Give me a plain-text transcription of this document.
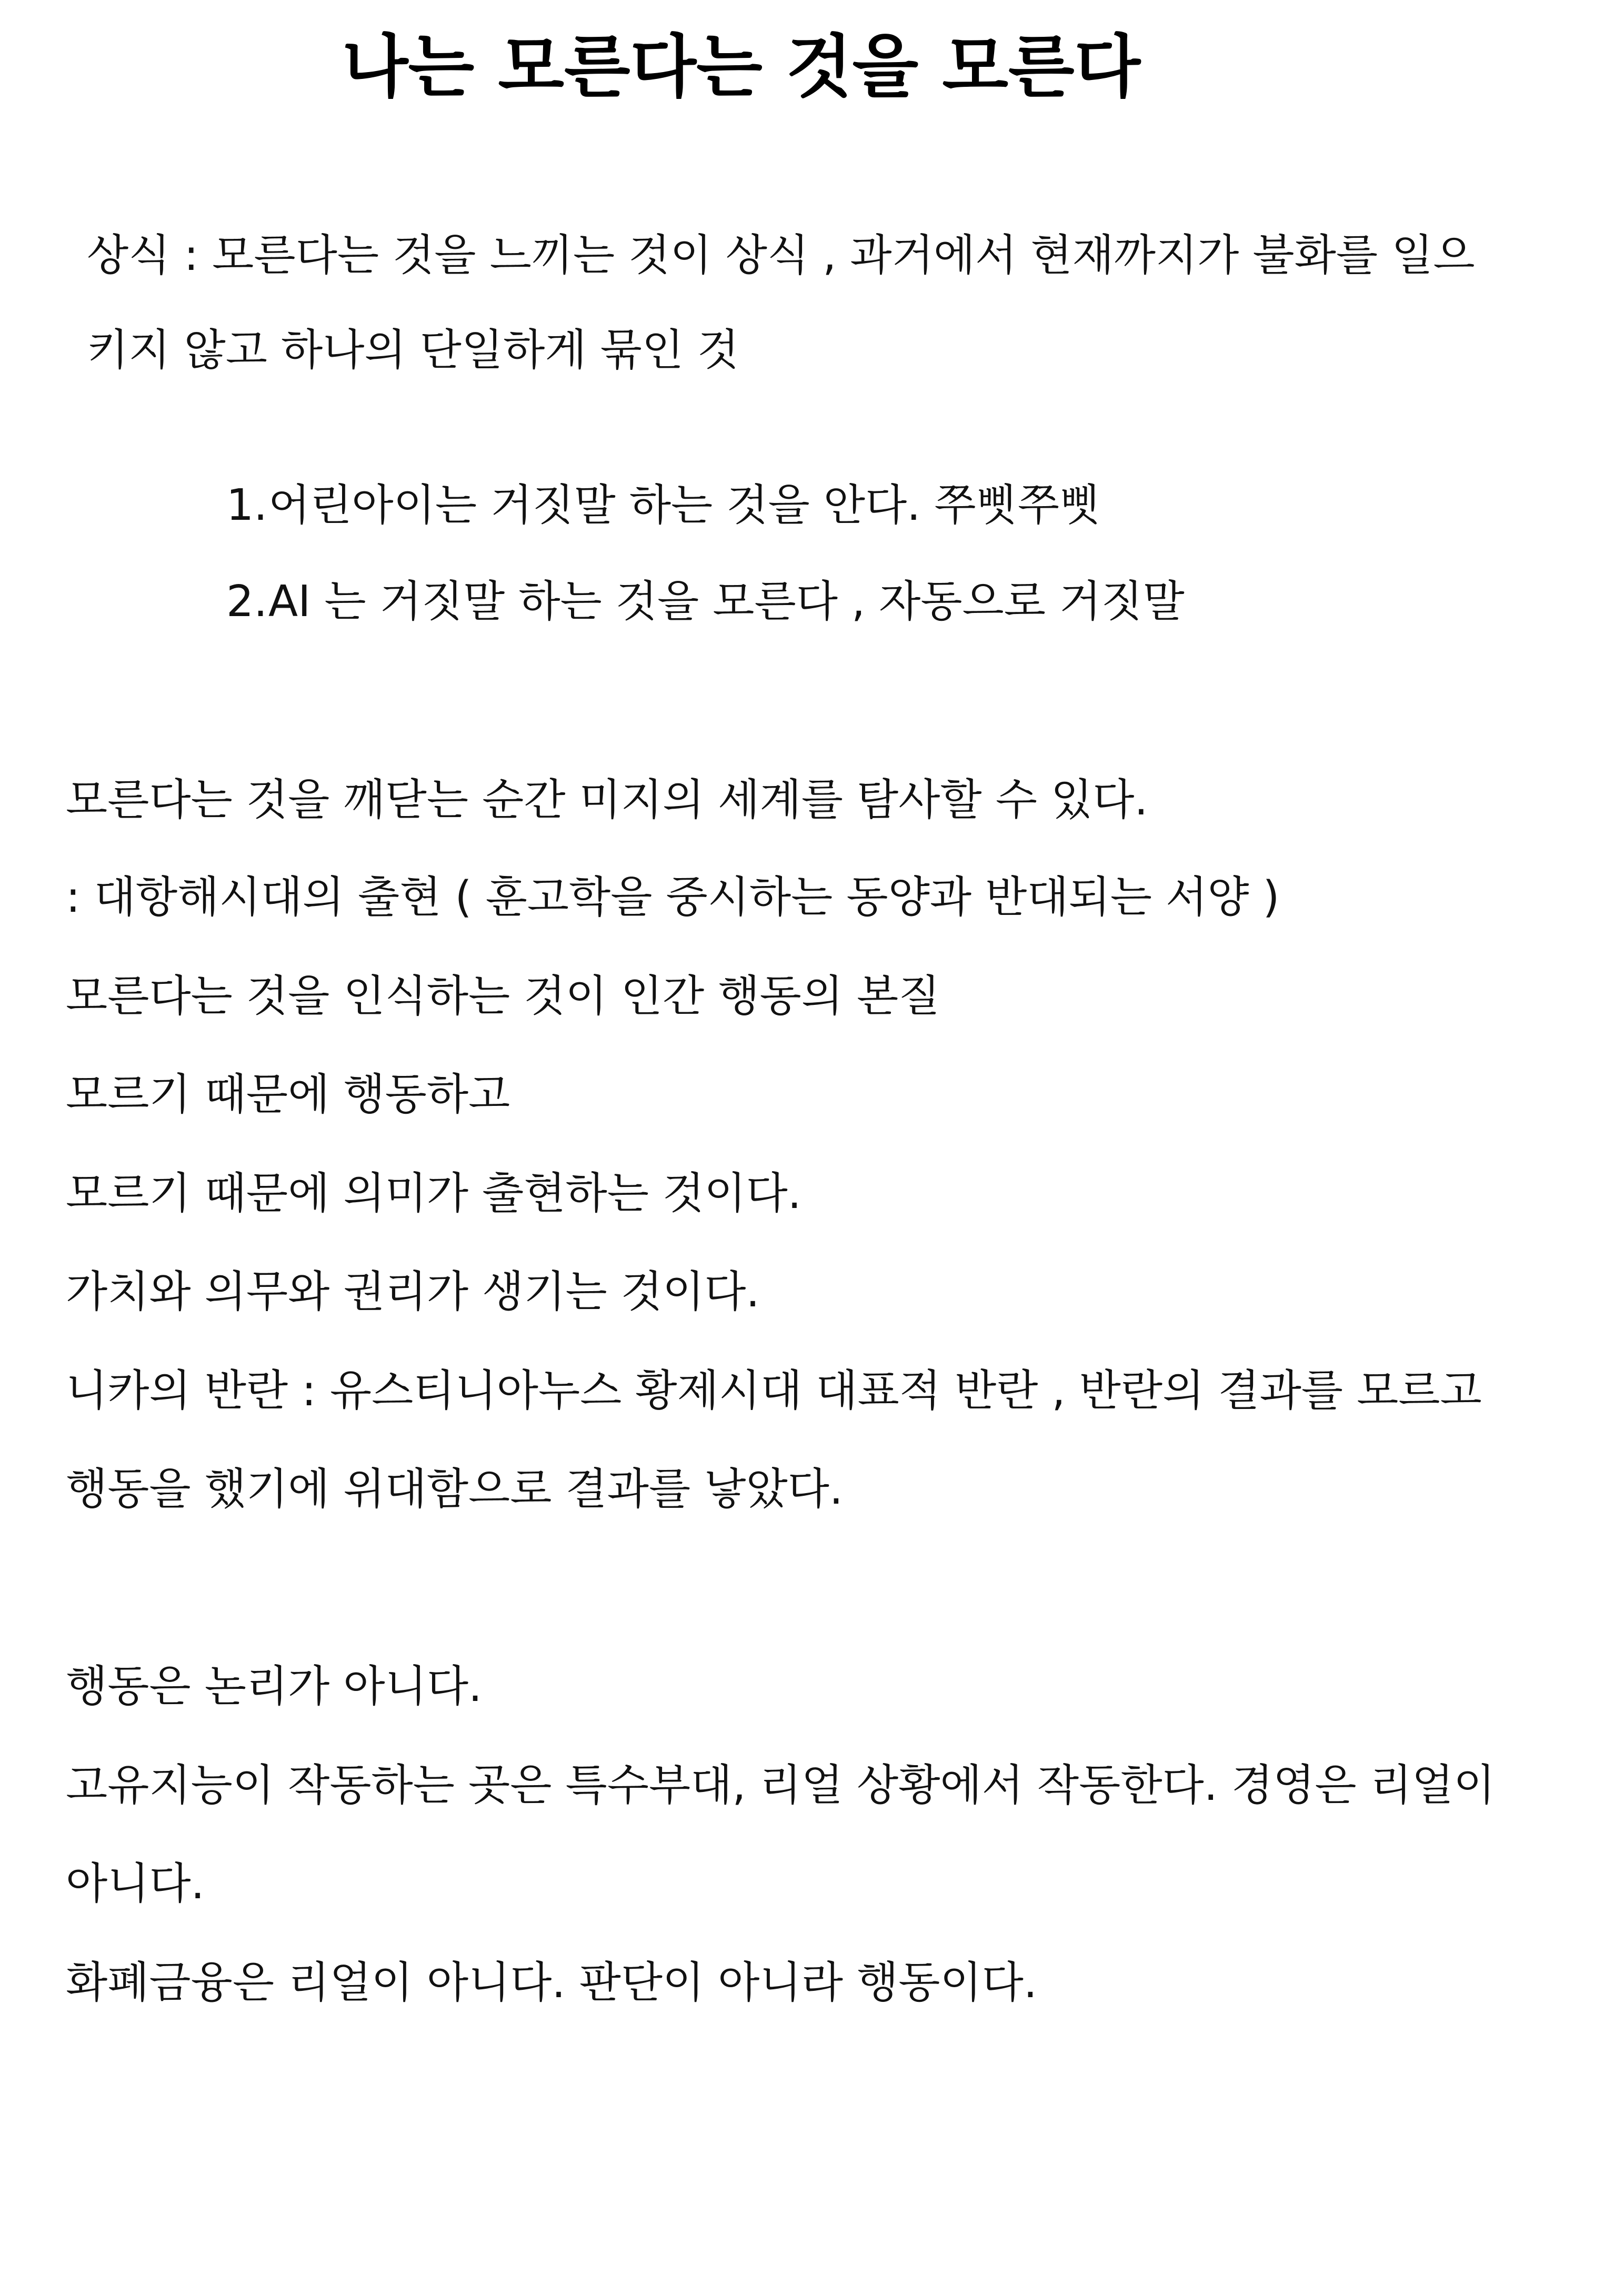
나는 모른다는 것을 모른다
상식 : 모른다는 것을 느끼는 것이 상식 , 과거에서 현재까지가 불화를 일으
키지 않고 하나의 단일하게 묶인 것
1.어린아이는 거짓말 하는 것을 안다. 쭈삣쭈삣
2.AI 는 거짓말 하는 것을 모른다 , 자동으로 거짓말
모른다는 것을 깨닫는 순간 미지의 세계를 탐사할 수 있다.
: 대항해시대의 출현 ( 훈고학을 중시하는 동양과 반대되는 서양 )
모른다는 것을 인식하는 것이 인간 행동의 본질
모르기 때문에 행동하고
모르기 때문에 의미가 출현하는 것이다.
가치와 의무와 권리가 생기는 것이다.
니카의 반란 : 유스티니아누스 황제시대 대표적 반란 , 반란의 결과를 모르고
행동을 했기에 위대함으로 결과를 낳았다.
행동은 논리가 아니다.
고유지능이 작동하는 곳은 특수부대, 리얼 상황에서 작동한다. 경영은 리얼이
아니다.
화폐금융은 리얼이 아니다. 판단이 아니라 행동이다.
